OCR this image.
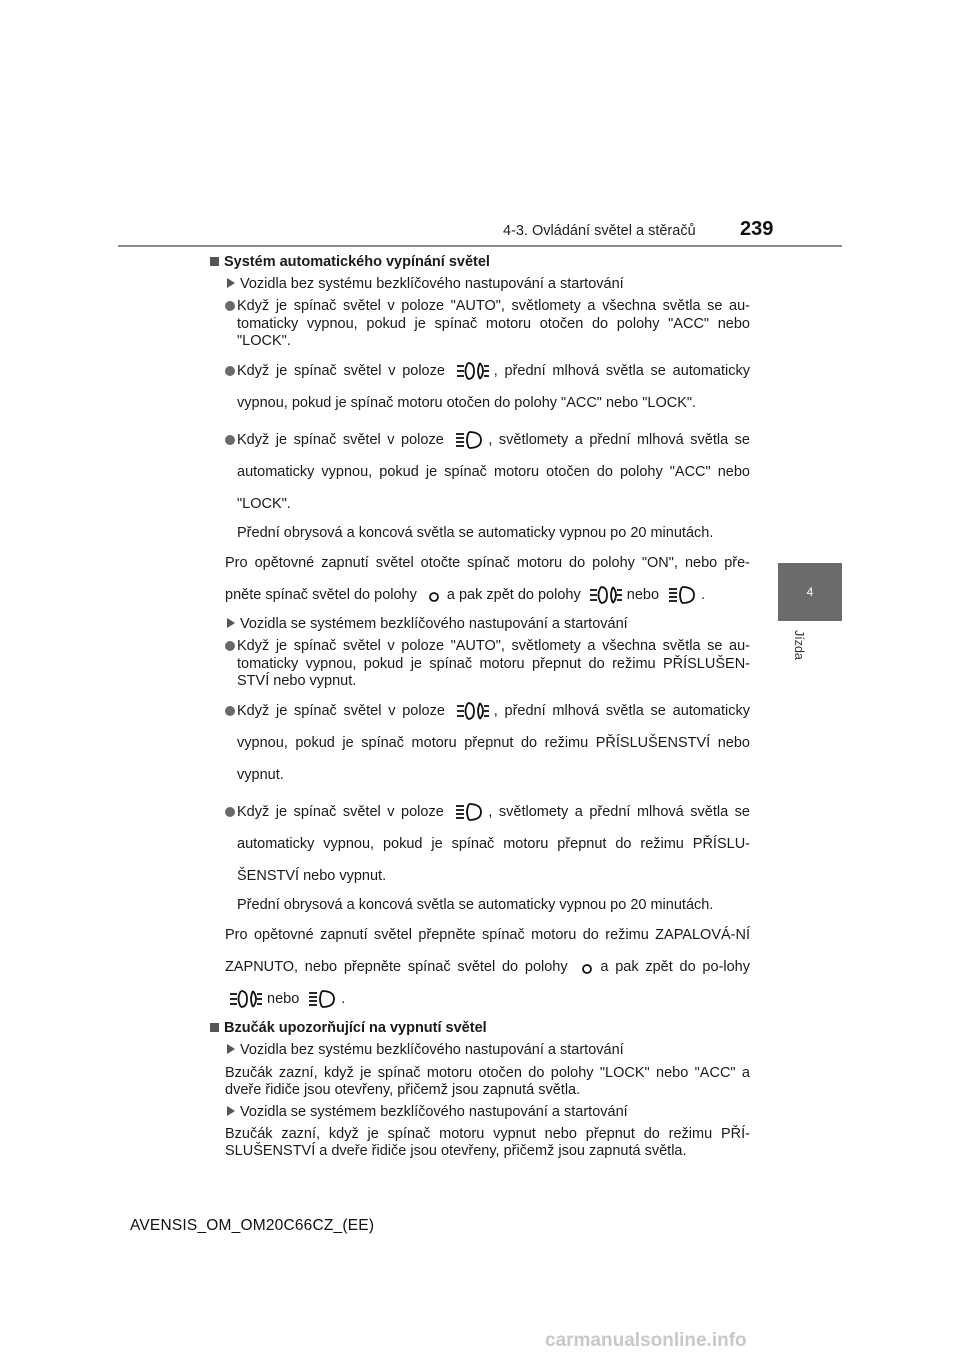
4-3. Ovládání světel a stěračů	239
4
Jízda
Systém automatického vypínání světel
Vozidla bez systému bezklíčového nastupování a startování
Když je spínač světel v poloze "AUTO", světlomety a všechna světla se au-tomaticky vypnou, pokud je spínač motoru otočen do polohy "ACC" nebo "LOCK".
Když je spínač světel v poloze	, přední mlhová světla se automaticky vypnou, pokud je spínač motoru otočen do polohy "ACC" nebo "LOCK".
Když je spínač světel v poloze	, světlomety a přední mlhová světla se automaticky vypnou, pokud je spínač motoru otočen do polohy "ACC" nebo "LOCK".
Přední obrysová a koncová světla se automaticky vypnou po 20 minutách.
Pro opětovné zapnutí světel otočte spínač motoru do polohy "ON", nebo pře-pněte spínač světel do polohy a pak zpět do polohy	nebo	.
Vozidla se systémem bezklíčového nastupování a startování
Když je spínač světel v poloze "AUTO", světlomety a všechna světla se au-tomaticky vypnou, pokud je spínač motoru přepnut do režimu PŘÍSLUŠEN-STVÍ nebo vypnut.
Když je spínač světel v poloze	, přední mlhová světla se automaticky vypnou, pokud je spínač motoru přepnut do režimu PŘÍSLUŠENSTVÍ nebo vypnut.
Když je spínač světel v poloze	, světlomety a přední mlhová světla se automaticky vypnou, pokud je spínač motoru přepnut do režimu PŘÍSLU-ŠENSTVÍ nebo vypnut.
Přední obrysová a koncová světla se automaticky vypnou po 20 minutách.
Pro opětovné zapnutí světel přepněte spínač motoru do režimu ZAPALOVÁ-NÍ ZAPNUTO, nebo přepněte spínač světel do polohy a pak zpět do po-lohy
nebo	.
Bzučák upozorňující na vypnutí světel
Vozidla bez systému bezklíčového nastupování a startování
Bzučák zazní, když je spínač motoru otočen do polohy "LOCK" nebo "ACC" a dveře řidiče jsou otevřeny, přičemž jsou zapnutá světla.
Vozidla se systémem bezklíčového nastupování a startování
Bzučák zazní, když je spínač motoru vypnut nebo přepnut do režimu PŘÍ-SLUŠENSTVÍ a dveře řidiče jsou otevřeny, přičemž jsou zapnutá světla.
AVENSIS_OM_OM20C66CZ_(EE)
carmanualsonline.info
